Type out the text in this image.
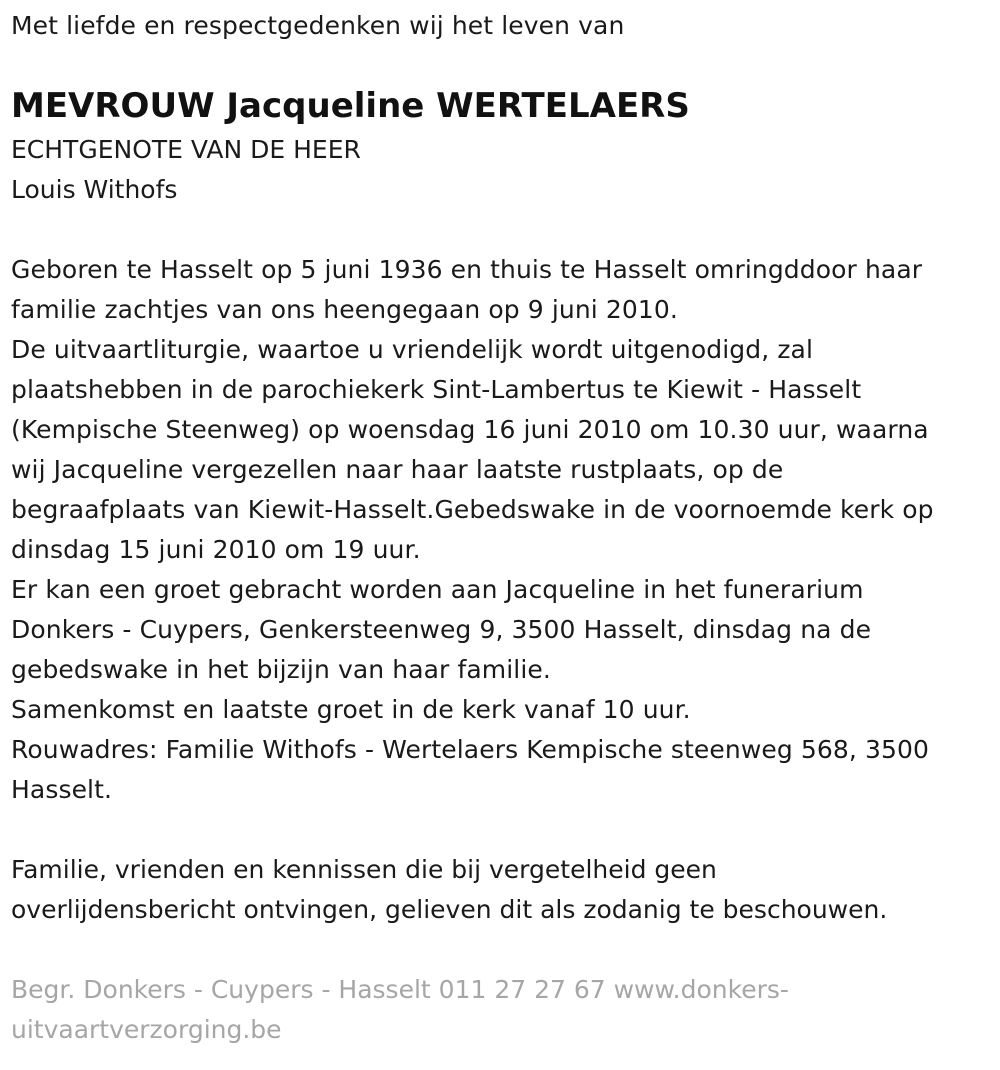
Met liefde en respectgedenken wij het leven van

MEVROUW Jacqueline WERTELAERS

ECHTGENOTE VAN DE HEER

Louis Withofs

Geboren te Hasselt op 5 juni 1936 en thuis te Hasselt omringddoor haar
familie zachtjes van ons heengegaan op 9 juni 2010.
De uitvaartliturgie, waartoe u vriendelijk wordt uitgenodigd, zal
plaatshebben in de parochiekerk Sint-Lambertus te Kiewit - Hasselt
(Kempische Steenweg) op woensdag 16 juni 2010 om 10.30 uur, waarna
wij Jacqueline vergezellen naar haar laatste rustplaats, op de
begraafplaats van Kiewit-Hasselt.Gebedswake in de voornoemde kerk op
dinsdag 15 juni 2010 om 19 uur.
Er kan een groet gebracht worden aan Jacqueline in het funerarium
Donkers - Cuypers, Genkersteenweg 9, 3500 Hasselt, dinsdag na de
gebedswake in het bijzijn van haar familie.
Samenkomst en laatste groet in de kerk vanaf 10 uur.
Rouwadres: Familie Withofs - Wertelaers Kempische steenweg 568, 3500
Hasselt.

Familie, vrienden en kennissen die bij vergetelheid geen
overlijdensbericht ontvingen, gelieven dit als zodanig te beschouwen.

Begr. Donkers - Cuypers - Hasselt 011 27 27 67 www.donkers-
uitvaartverzorging.be
